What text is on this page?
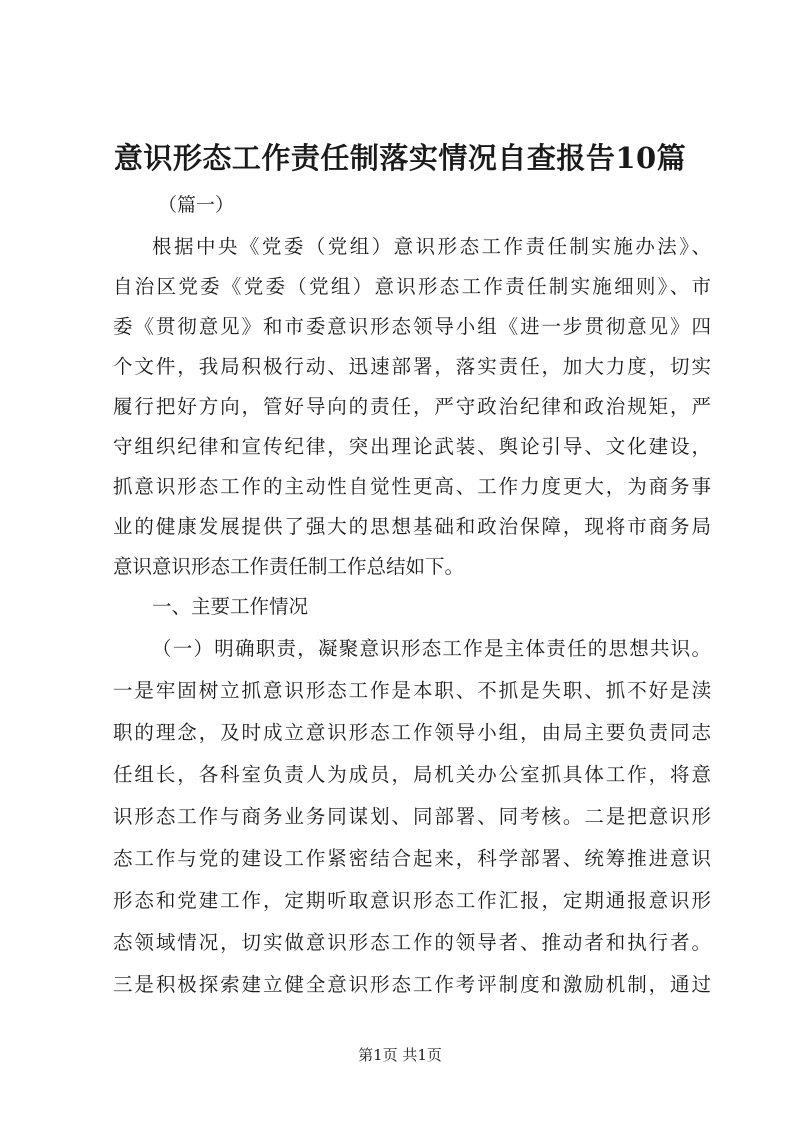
意识形态工作责任制落实情况自查报告10篇
（篇一）
根据中央《党委（党组）意识形态工作责任制实施办法》、
自治区党委《党委（党组）意识形态工作责任制实施细则》、市
委《贯彻意见》和市委意识形态领导小组《进一步贯彻意见》四
个文件，我局积极行动、迅速部署，落实责任，加大力度，切实
履行把好方向，管好导向的责任，严守政治纪律和政治规矩，严
守组织纪律和宣传纪律，突出理论武装、舆论引导、文化建设，
抓意识形态工作的主动性自觉性更高、工作力度更大，为商务事
业的健康发展提供了强大的思想基础和政治保障，现将市商务局
意识意识形态工作责任制工作总结如下。
一、主要工作情况
（一）明确职责，凝聚意识形态工作是主体责任的思想共识。
一是牢固树立抓意识形态工作是本职、不抓是失职、抓不好是渎
职的理念，及时成立意识形态工作领导小组，由局主要负责同志
任组长，各科室负责人为成员，局机关办公室抓具体工作，将意
识形态工作与商务业务同谋划、同部署、同考核。二是把意识形
态工作与党的建设工作紧密结合起来，科学部署、统筹推进意识
形态和党建工作，定期听取意识形态工作汇报，定期通报意识形
态领域情况，切实做意识形态工作的领导者、推动者和执行者。
三是积极探索建立健全意识形态工作考评制度和激励机制，通过
第1页 共1页
